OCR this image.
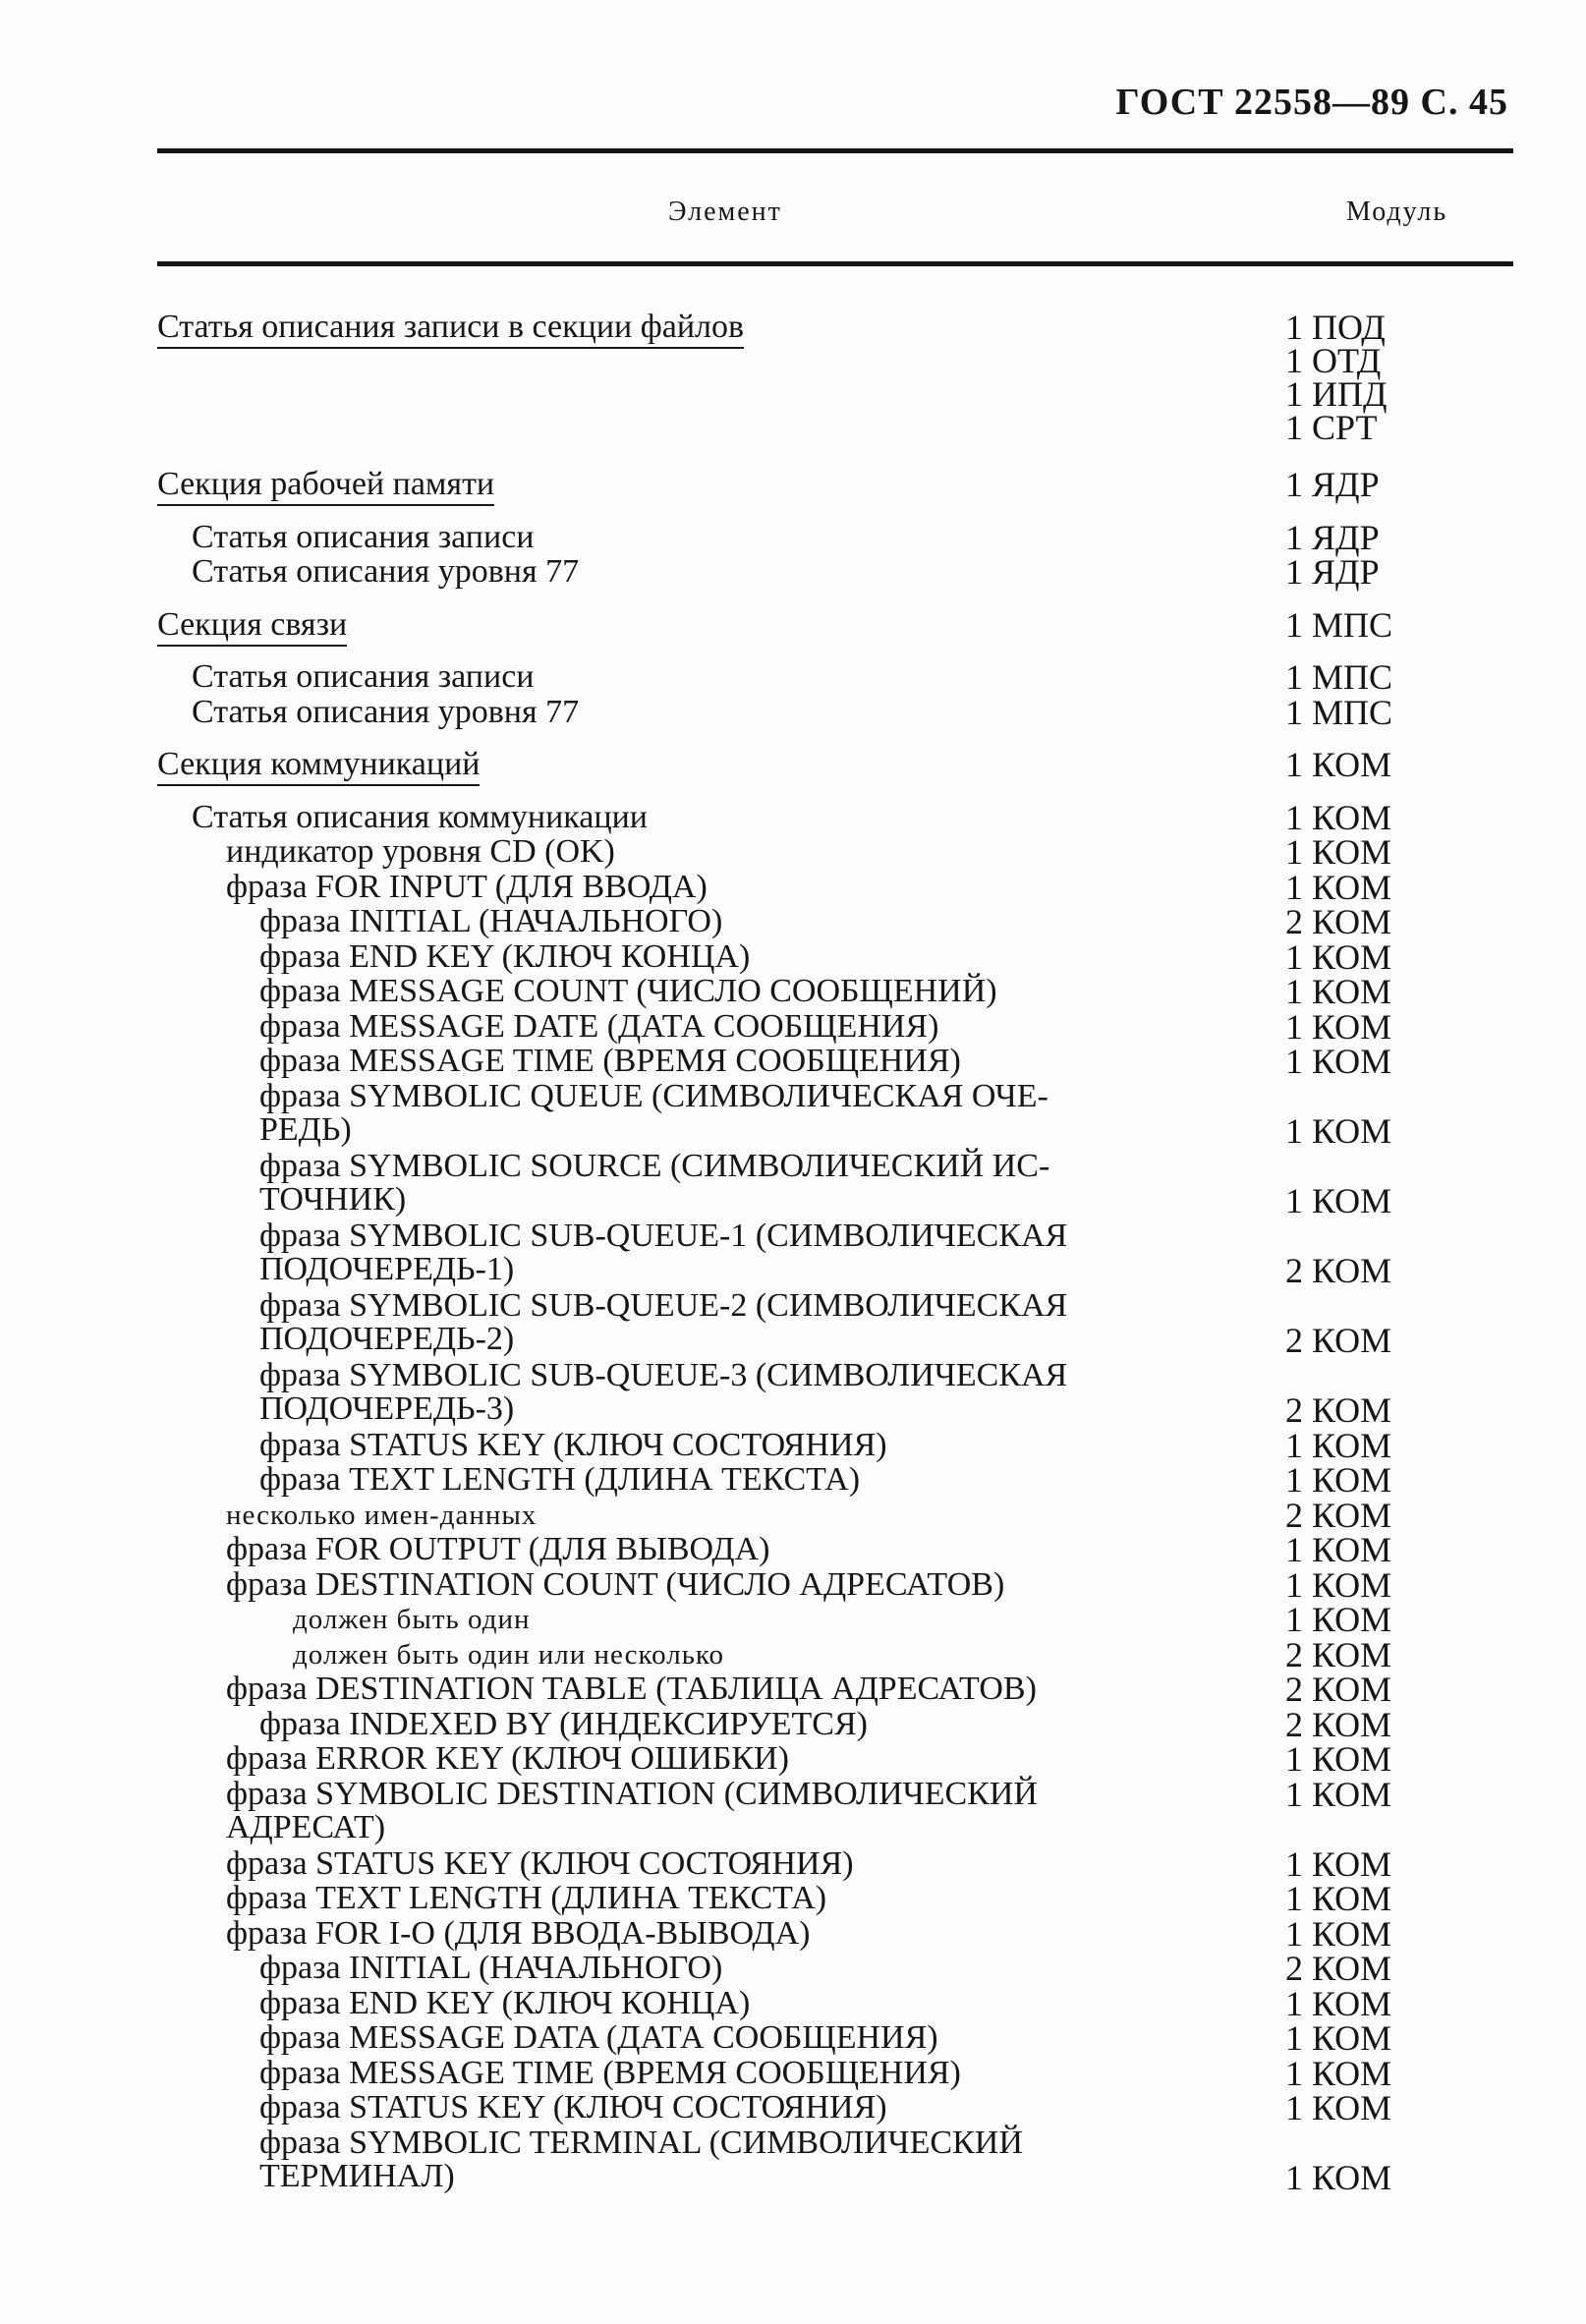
ГОСТ 22558—89 С. 45
Элемент	Модуль
Статья описания записи в секции файлов	1 ПОД
1 ОТД
1 ИПД
1 СРТ
Секция рабочей памяти	1 ЯДР
Статья описания записи	1 ЯДР
Статья описания уровня 77	1 ЯДР
Секция связи	1 МПС
Статья описания записи	1 МПС
Статья описания уровня 77	1 МПС
Секция коммуникаций	1 КОМ
Статья описания коммуникации	1 КОМ
индикатор уровня CD (OK)	1 КОМ
фраза FOR INPUT (ДЛЯ ВВОДА)	1 КОМ
фраза INITIAL (НАЧАЛЬНОГО)	2 КОМ
фраза END KEY (КЛЮЧ КОНЦА)	1 КОМ
фраза MESSAGE COUNT (ЧИСЛО СООБЩЕНИЙ)	1 КОМ
фраза MESSAGE DATE (ДАТА СООБЩЕНИЯ)	1 КОМ
фраза MESSAGE TIME (ВРЕМЯ СООБЩЕНИЯ)	1 КОМ
фраза SYMBOLIC QUEUE (СИМВОЛИЧЕСКАЯ ОЧЕ-
РЕДЬ)	1 КОМ
фраза SYMBOLIC SOURCE (СИМВОЛИЧЕСКИЙ ИС-
ТОЧНИК)	1 КОМ
фраза SYMBOLIC SUB-QUEUE-1 (СИМВОЛИЧЕСКАЯ
ПОДОЧЕРЕДЬ-1)	2 КОМ
фраза SYMBOLIC SUB-QUEUE-2 (СИМВОЛИЧЕСКАЯ
ПОДОЧЕРЕДЬ-2)	2 КОМ
фраза SYMBOLIC SUB-QUEUE-3 (СИМВОЛИЧЕСКАЯ
ПОДОЧЕРЕДЬ-3)	2 КОМ
фраза STATUS KEY (КЛЮЧ СОСТОЯНИЯ)	1 КОМ
фраза TEXT LENGTH (ДЛИНА ТЕКСТА)	1 КОМ
несколько имен-данных	2 КОМ
фраза FOR OUTPUT (ДЛЯ ВЫВОДА)	1 КОМ
фраза DESTINATION COUNT (ЧИСЛО АДРЕСАТОВ)	1 КОМ
должен быть один	1 КОМ
должен быть один или несколько	2 КОМ
фраза DESTINATION TABLE (ТАБЛИЦА АДРЕСАТОВ)	2 КОМ
фраза INDEXED BY (ИНДЕКСИРУЕТСЯ)	2 КОМ
фраза ERROR KEY (КЛЮЧ ОШИБКИ)	1 КОМ
фраза SYMBOLIC DESTINATION (СИМВОЛИЧЕСКИЙ
АДРЕСАТ)
1 КОМ
фраза STATUS KEY (КЛЮЧ СОСТОЯНИЯ)	1 КОМ
фраза TEXT LENGTH (ДЛИНА ТЕКСТА)	1 КОМ
фраза FOR I-O (ДЛЯ ВВОДА-ВЫВОДА)	1 КОМ
фраза INITIAL (НАЧАЛЬНОГО)	2 КОМ
фраза END KEY (КЛЮЧ КОНЦА)	1 КОМ
фраза MESSAGE DATA (ДАТА СООБЩЕНИЯ)	1 КОМ
фраза MESSAGE TIME (ВРЕМЯ СООБЩЕНИЯ)	1 КОМ
фраза STATUS KEY (КЛЮЧ СОСТОЯНИЯ)	1 КОМ
фраза SYMBOLIC TERMINAL (СИМВОЛИЧЕСКИЙ
ТЕРМИНАЛ)	1 КОМ
